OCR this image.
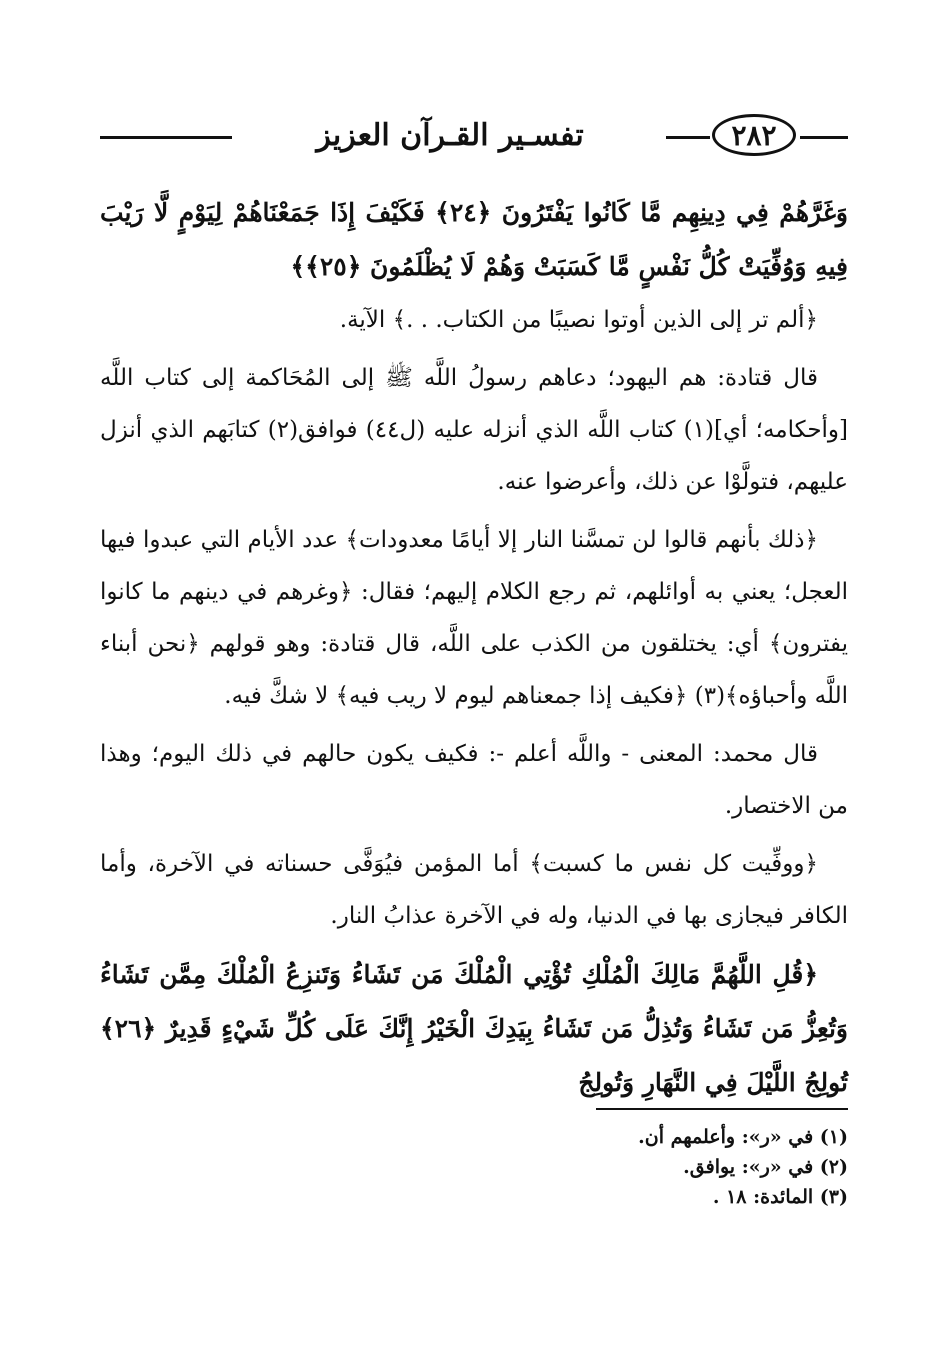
تفسـير القـرآن العزيز	٢٨٢

وَغَرَّهُمْ فِي دِينِهِم مَّا كَانُوا يَفْتَرُونَ ﴿٢٤﴾ فَكَيْفَ إِذَا جَمَعْنَاهُمْ لِيَوْمٍ لَّا رَيْبَ فِيهِ وَوُفِّيَتْ كُلُّ نَفْسٍ مَّا كَسَبَتْ وَهُمْ لَا يُظْلَمُونَ ﴿٢٥﴾﴾

﴿ألم تر إلى الذين أوتوا نصيبًا من الكتاب. . .﴾ الآية.

قال قتادة: هم اليهود؛ دعاهم رسولُ اللَّه ﷺ إلى المُحَاكمة إلى كتاب اللَّه [وأحكامه؛ أي](١) كتاب اللَّه الذي أنزله عليه (ل٤٤) فوافق(٢) كتابَهم الذي أنزل عليهم، فتولَّوْا عن ذلك، وأعرضوا عنه.

﴿ذلك بأنهم قالوا لن تمسَّنا النار إلا أيامًا معدودات﴾ عدد الأيام التي عبدوا فيها العجل؛ يعني به أوائلهم، ثم رجع الكلام إليهم؛ فقال: ﴿وغرهم في دينهم ما كانوا يفترون﴾ أي: يختلقون من الكذب على اللَّه، قال قتادة: وهو قولهم ﴿نحن أبناء اللَّه وأحباؤه﴾(٣) ﴿فكيف إذا جمعناهم ليوم لا ريب فيه﴾ لا شكَّ فيه.

قال محمد: المعنى - واللَّه أعلم -: فكيف يكون حالهم في ذلك اليوم؛ وهذا من الاختصار.

﴿ووفِّيت كل نفس ما كسبت﴾ أما المؤمن فيُوَفَّى حسناته في الآخرة، وأما الكافر فيجازى بها في الدنيا، وله في الآخرة عذابُ النار.

﴿قُلِ اللَّهُمَّ مَالِكَ الْمُلْكِ تُؤْتِي الْمُلْكَ مَن تَشَاءُ وَتَنزِعُ الْمُلْكَ مِمَّن تَشَاءُ وَتُعِزُّ مَن تَشَاءُ وَتُذِلُّ مَن تَشَاءُ بِيَدِكَ الْخَيْرُ إِنَّكَ عَلَى كُلِّ شَيْءٍ قَدِيرٌ ﴿٢٦﴾ تُولِجُ اللَّيْلَ فِي النَّهَارِ وَتُولِجُ

(١) في «ر»: وأعلمهم أن.
(٢) في «ر»: يوافق.
(٣) المائدة: ١٨ .
